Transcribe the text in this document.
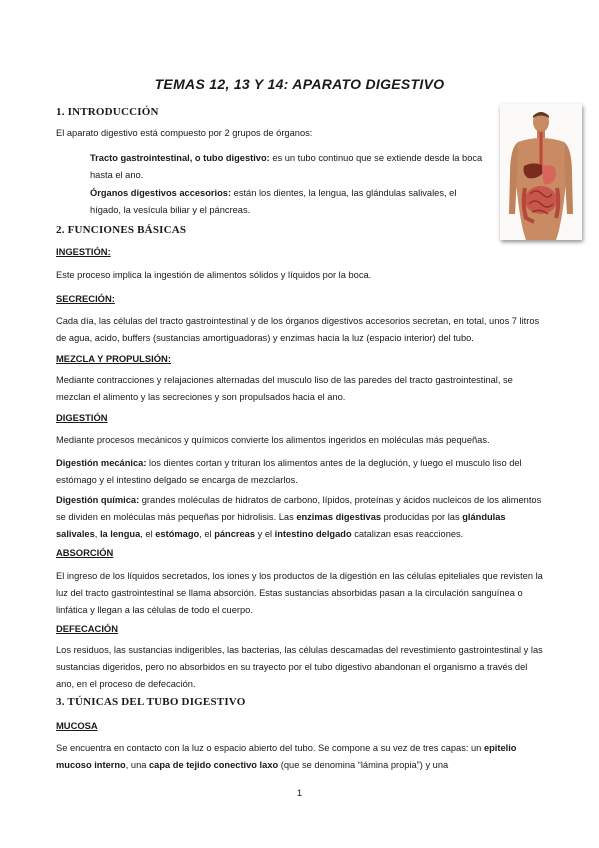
TEMAS 12, 13 Y 14: APARATO DIGESTIVO
1. INTRODUCCIÓN
El aparato digestivo está compuesto por 2 grupos de órganos:
Tracto gastrointestinal, o tubo digestivo: es un tubo continuo que se extiende desde la boca hasta el ano.
Órganos digestivos accesorios: están los dientes, la lengua, las glándulas salivales, el hígado, la vesícula biliar y el páncreas.
2. FUNCIONES BÁSICAS
INGESTIÓN:
Este proceso implica la ingestión de alimentos sólidos y líquidos por la boca.
SECRECIÓN:
Cada día, las células del tracto gastrointestinal y de los órganos digestivos accesorios secretan, en total, unos 7 litros de agua, acido, buffers (sustancias amortiguadoras) y enzimas hacia la luz (espacio interior) del tubo.
MEZCLA Y PROPULSIÓN:
Mediante contracciones y relajaciones alternadas del musculo liso de las paredes del tracto gastrointestinal, se mezclan el alimento y las secreciones y son propulsados hacia el ano.
DIGESTIÓN
Mediante procesos mecánicos y químicos convierte los alimentos ingeridos en moléculas más pequeñas.
Digestión mecánica: los dientes cortan y trituran los alimentos antes de la deglución, y luego el musculo liso del estómago y el intestino delgado se encarga de mezclarlos.
Digestión química: grandes moléculas de hidratos de carbono, lípidos, proteínas y ácidos nucleicos de los alimentos se dividen en moléculas más pequeñas por hidrolisis. Las enzimas digestivas producidas por las glándulas salivales, la lengua, el estómago, el páncreas y el intestino delgado catalizan esas reacciones.
ABSORCIÓN
El ingreso de los líquidos secretados, los iones y los productos de la digestión en las células epiteliales que revisten la luz del tracto gastrointestinal se llama absorción. Estas sustancias absorbidas pasan a la circulación sanguínea o linfática y llegan a las células de todo el cuerpo.
DEFECACIÓN
Los residuos, las sustancias indigeribles, las bacterias, las células descamadas del revestimiento gastrointestinal y las sustancias digeridos, pero no absorbidos en su trayecto por el tubo digestivo abandonan el organismo a través del ano, en el proceso de defecación.
3. TÚNICAS DEL TUBO DIGESTIVO
MUCOSA
Se encuentra en contacto con la luz o espacio abierto del tubo. Se compone a su vez de tres capas: un epitelio mucoso interno, una capa de tejido conectivo laxo (que se denomina “lámina propia”) y una
1
